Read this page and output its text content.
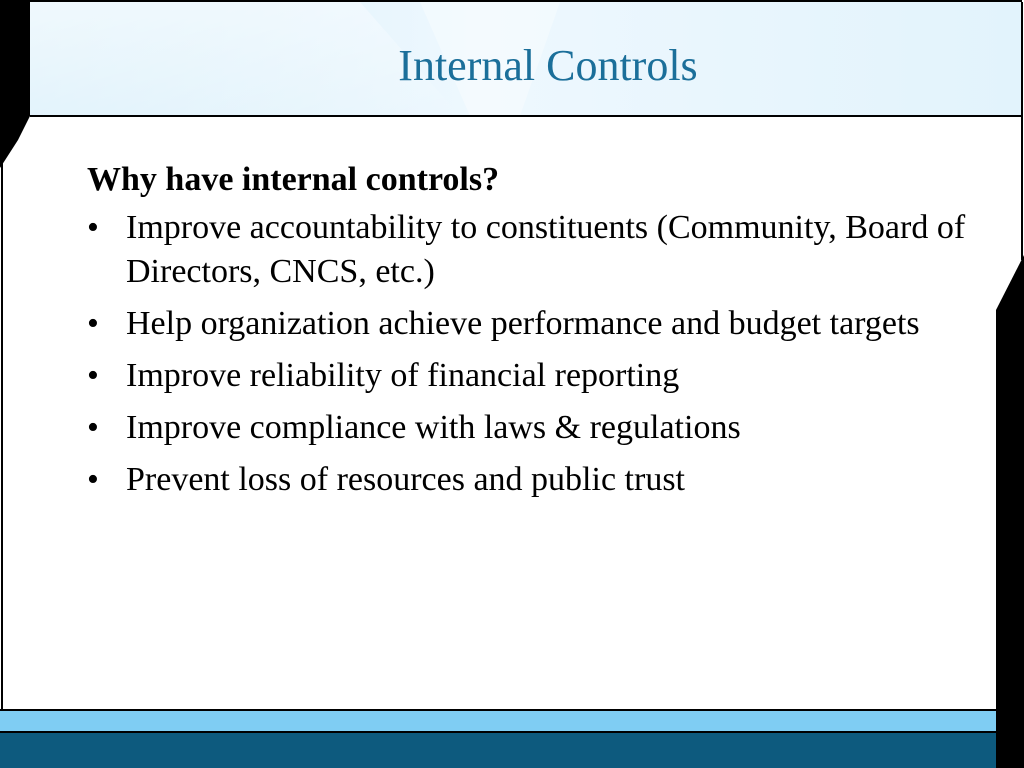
Internal Controls
Why have internal controls?
• Improve accountability to constituents (Community, Board of Directors, CNCS, etc.)
• Help organization achieve performance and budget targets
• Improve reliability of financial reporting
• Improve compliance with laws & regulations
• Prevent loss of resources and public trust
